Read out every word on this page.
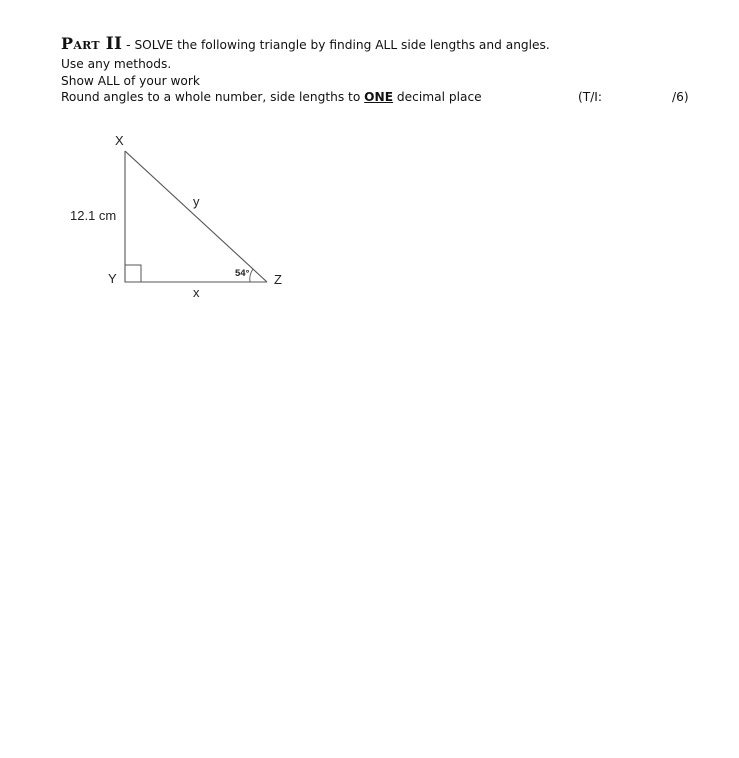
Part II - SOLVE the following triangle by finding ALL side lengths and angles.
Use any methods.
Show ALL of your work
Round angles to a whole number, side lengths to ONE decimal place	(T/I:	/6)
X
Y	Z
12.1 cm
y
x
54°
